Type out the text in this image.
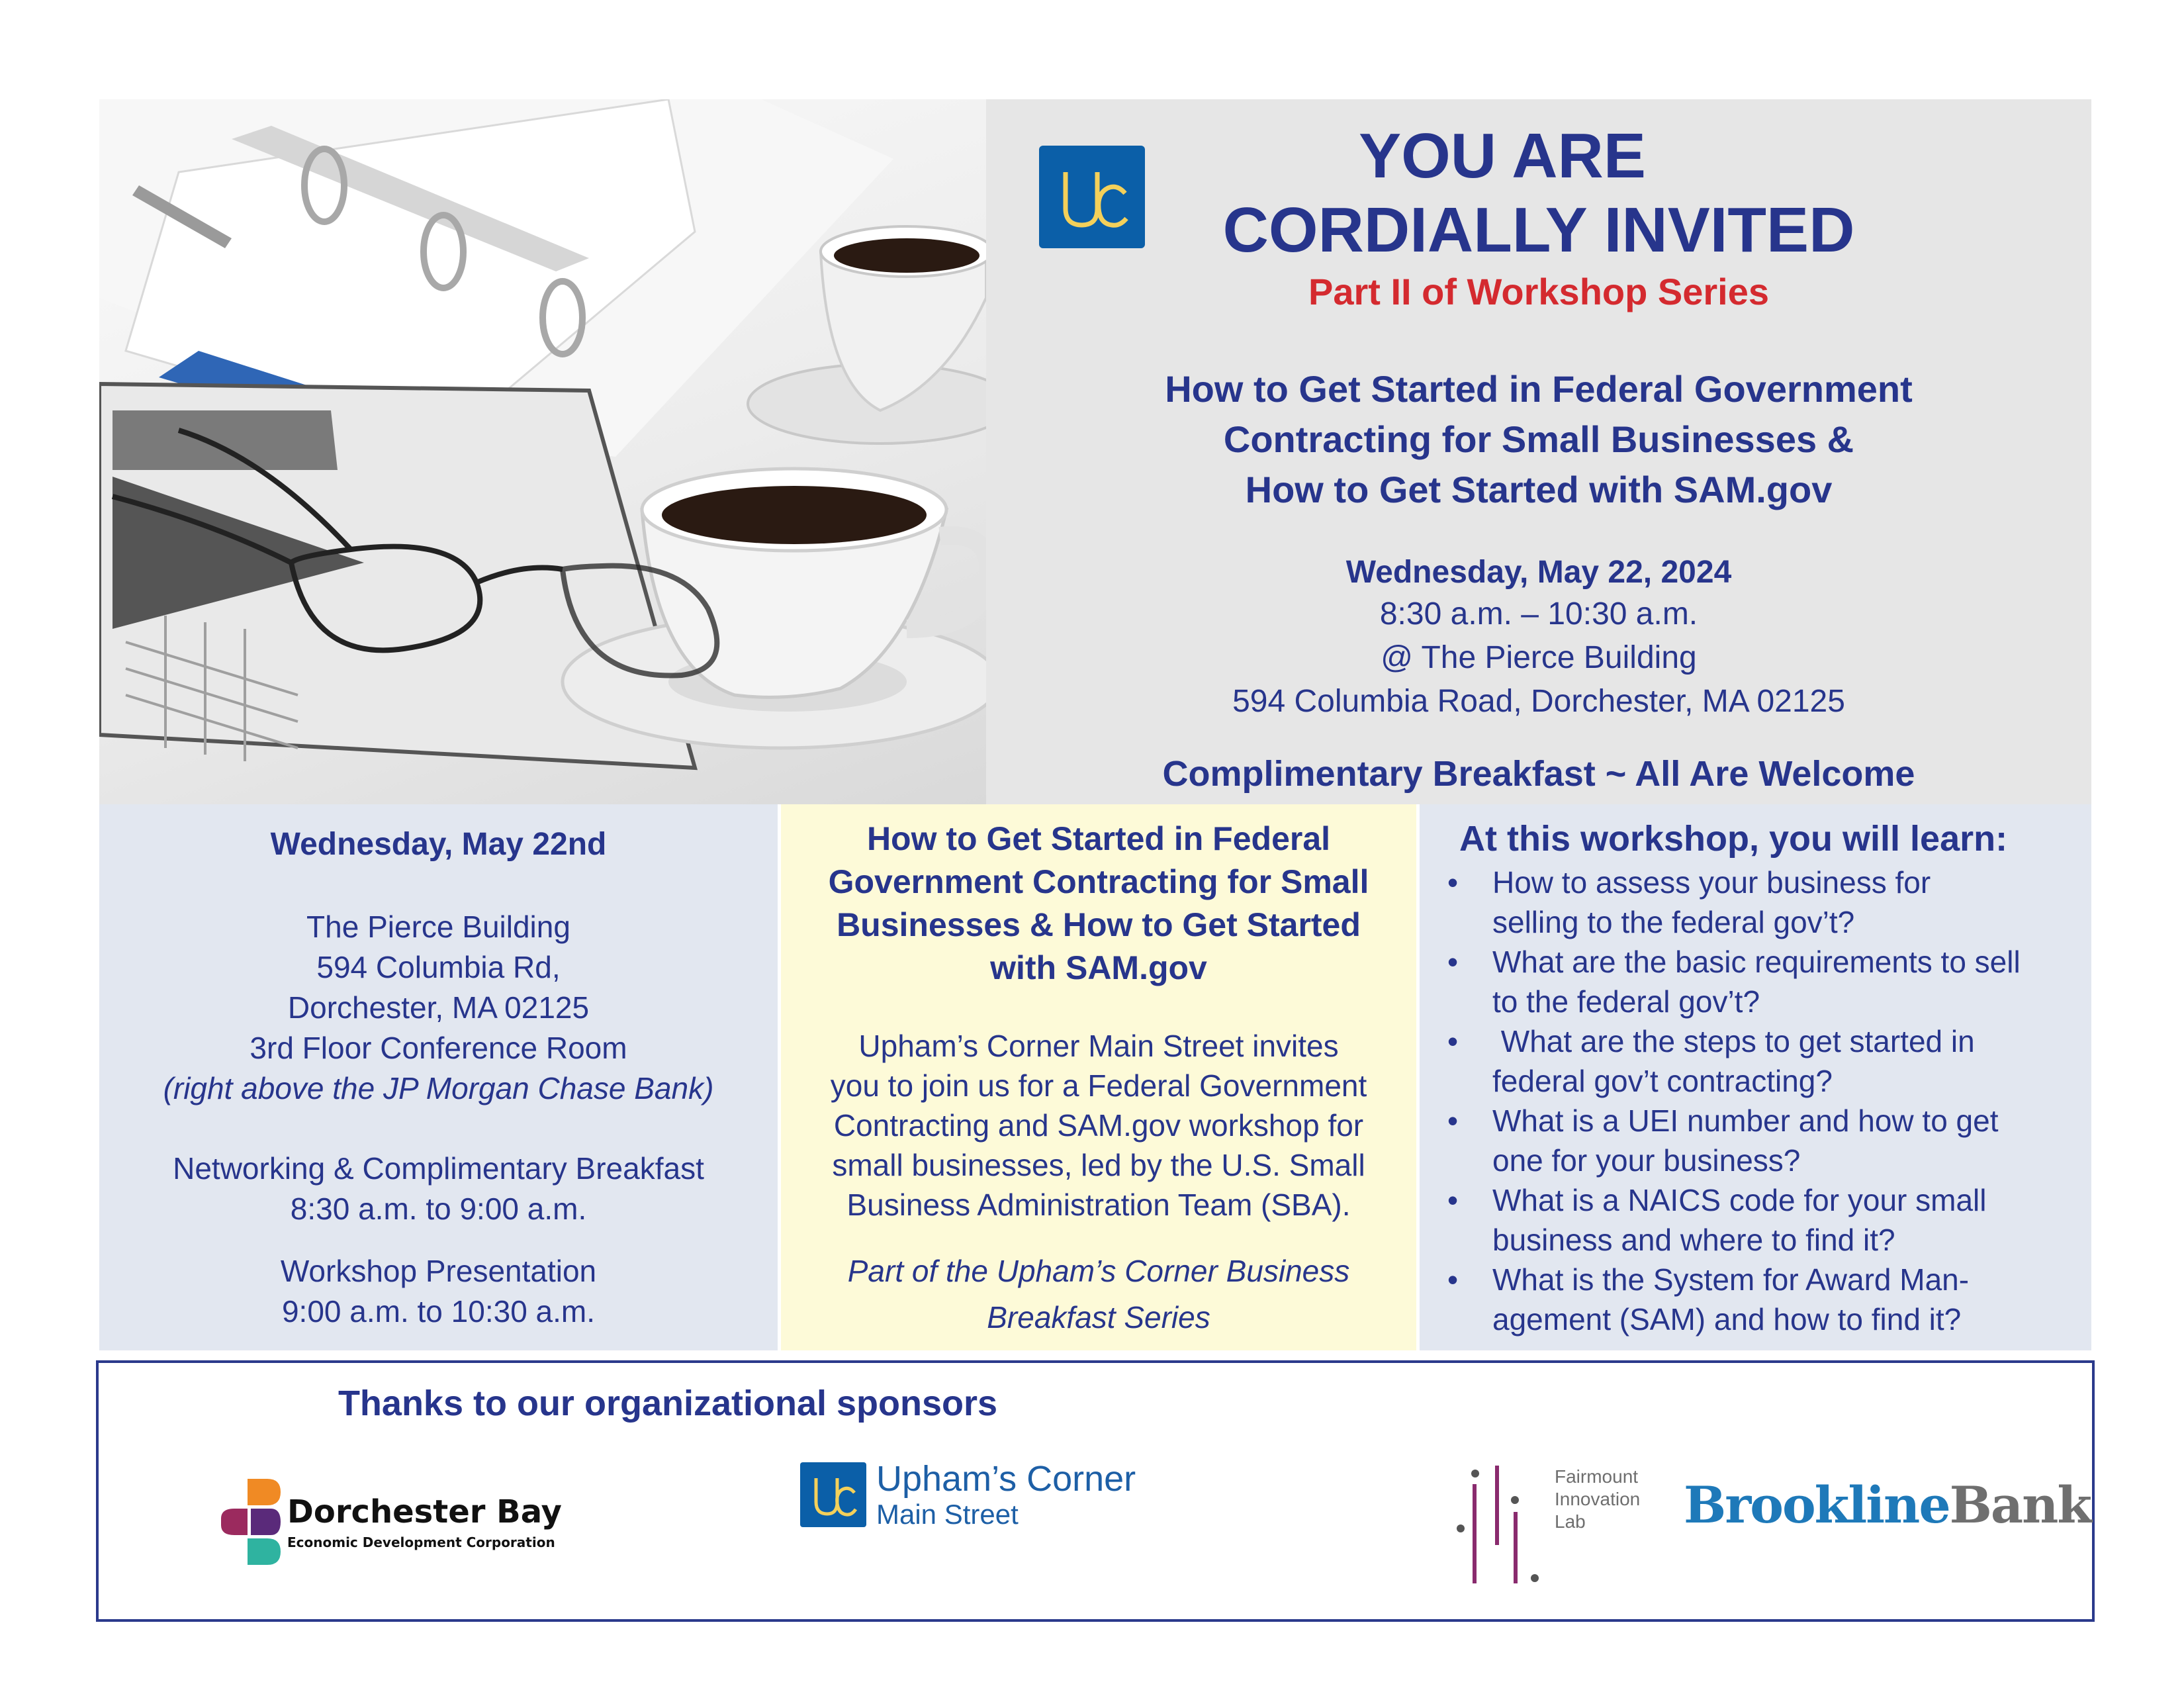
YOU ARE
CORDIALLY INVITED
Part II of Workshop Series
How to Get Started in Federal Government
Contracting for Small Businesses &
How to Get Started with SAM.gov
Wednesday, May 22, 2024
8:30 a.m. – 10:30 a.m.
@ The Pierce Building
594 Columbia Road, Dorchester, MA 02125
Complimentary Breakfast ~ All Are Welcome
Wednesday, May 22nd
The Pierce Building
594 Columbia Rd,
Dorchester, MA 02125
3rd Floor Conference Room
(right above the JP Morgan Chase Bank)
Networking & Complimentary Breakfast
8:30 a.m. to 9:00 a.m.
Workshop Presentation
9:00 a.m. to 10:30 a.m.
How to Get Started in Federal
Government Contracting for Small
Businesses & How to Get Started
with SAM.gov
Upham’s Corner Main Street invites
you to join us for a Federal Government
Contracting and SAM.gov workshop for
small businesses, led by the U.S. Small
Business Administration Team (SBA).
Part of the Upham’s Corner Business
Breakfast Series
At this workshop, you will learn:
• How to assess your business for
selling to the federal gov’t?
• What are the basic requirements to sell
to the federal gov’t?
• What are the steps to get started in
federal gov’t contracting?
• What is a UEI number and how to get
one for your business?
• What is a NAICS code for your small
business and where to find it?
• What is the System for Award Man-
agement (SAM) and how to find it?
Thanks to our organizational sponsors
Dorchester Bay
Economic Development Corporation
Upham’s Corner
Main Street
Fairmount
Innovation
Lab	BrooklineBank
